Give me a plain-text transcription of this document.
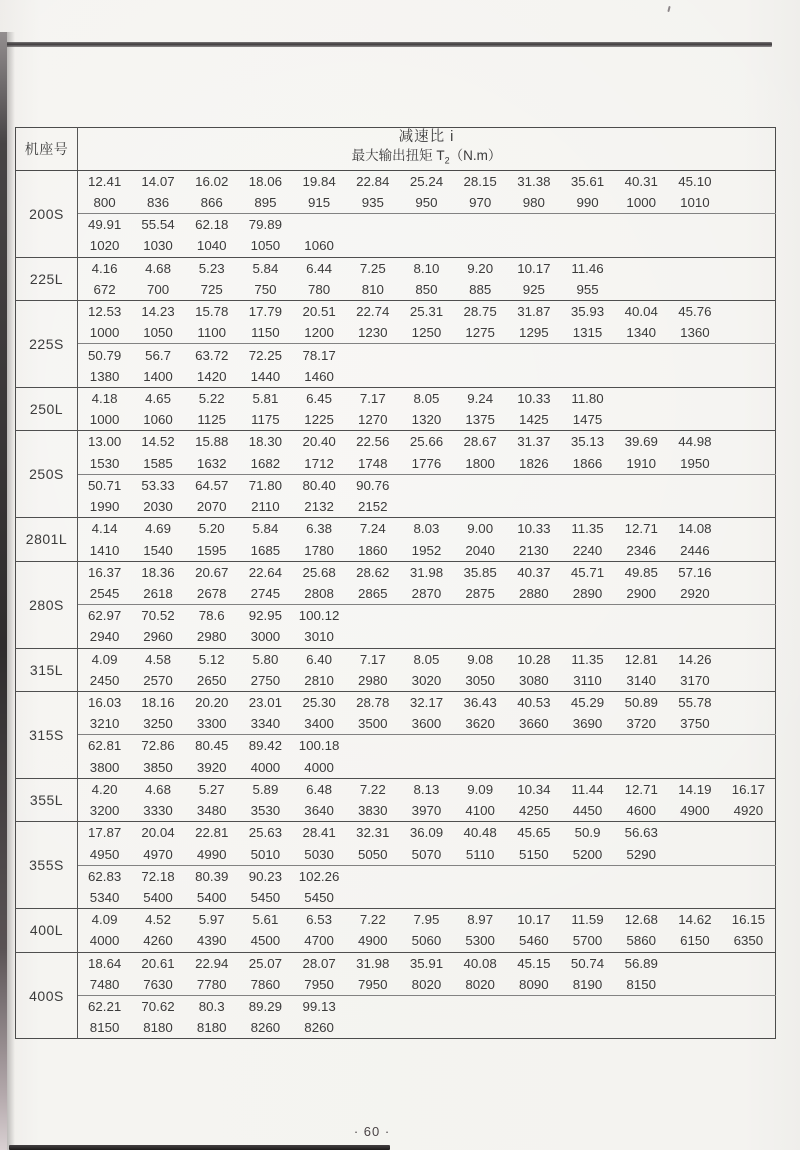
机座号	减速比 i
最大输出扭矩 $T_2(N.m)$												

200S	12.41	14.07	16.02	18.06	19.84	22.84	25.24	28.15	31.38	35.61	40.31	45.10	
	800	836	866	895	915	935	950	970	980	990	1000	1010	
	49.91	55.54	62.18	79.89									
	1020	1030	1040	1050	1060								
225L	4.16	4.68	5.23	5.84	6.44	7.25	8.10	9.20	10.17	11.46			
	672	700	725	750	780	810	850	885	925	955			
225S	12.53	14.23	15.78	17.79	20.51	22.74	25.31	28.75	31.87	35.93	40.04	45.76	
	1000	1050	1100	1150	1200	1230	1250	1275	1295	1315	1340	1360	
	50.79	56.7	63.72	72.25	78.17								
	1380	1400	1420	1440	1460								
250L	4.18	4.65	5.22	5.81	6.45	7.17	8.05	9.24	10.33	11.80			
	1000	1060	1125	1175	1225	1270	1320	1375	1425	1475			
250S	13.00	14.52	15.88	18.30	20.40	22.56	25.66	28.67	31.37	35.13	39.69	44.98	
	1530	1585	1632	1682	1712	1748	1776	1800	1826	1866	1910	1950	
	50.71	53.33	64.57	71.80	80.40	90.76							
	1990	2030	2070	2110	2132	2152							
2801L	4.14	4.69	5.20	5.84	6.38	7.24	8.03	9.00	10.33	11.35	12.71	14.08	
	1410	1540	1595	1685	1780	1860	1952	2040	2130	2240	2346	2446	
280S	16.37	18.36	20.67	22.64	25.68	28.62	31.98	35.85	40.37	45.71	49.85	57.16	
	2545	2618	2678	2745	2808	2865	2870	2875	2880	2890	2900	2920	
	62.97	70.52	78.6	92.95	100.12								
	2940	2960	2980	3000	3010								
315L	4.09	4.58	5.12	5.80	6.40	7.17	8.05	9.08	10.28	11.35	12.81	14.26	
	2450	2570	2650	2750	2810	2980	3020	3050	3080	3110	3140	3170	
315S	16.03	18.16	20.20	23.01	25.30	28.78	32.17	36.43	40.53	45.29	50.89	55.78	
	3210	3250	3300	3340	3400	3500	3600	3620	3660	3690	3720	3750	
	62.81	72.86	80.45	89.42	100.18								
	3800	3850	3920	4000	4000								
355L	4.20	4.68	5.27	5.89	6.48	7.22	8.13	9.09	10.34	11.44	12.71	14.19	16.17
	3200	3330	3480	3530	3640	3830	3970	4100	4250	4450	4600	4900	4920
355S	17.87	20.04	22.81	25.63	28.41	32.31	36.09	40.48	45.65	50.9	56.63		
	4950	4970	4990	5010	5030	5050	5070	5110	5150	5200	5290		
	62.83	72.18	80.39	90.23	102.26								
	5340	5400	5400	5450	5450								
400L	4.09	4.52	5.97	5.61	6.53	7.22	7.95	8.97	10.17	11.59	12.68	14.62	16.15
	4000	4260	4390	4500	4700	4900	5060	5300	5460	5700	5860	6150	6350
400S	18.64	20.61	22.94	25.07	28.07	31.98	35.91	40.08	45.15	50.74	56.89		
	7480	7630	7780	7860	7950	7950	8020	8020	8090	8190	8150		
	62.21	70.62	80.3	89.29	99.13								
	8150	8180	8180	8260	8260								
· 60 ·
